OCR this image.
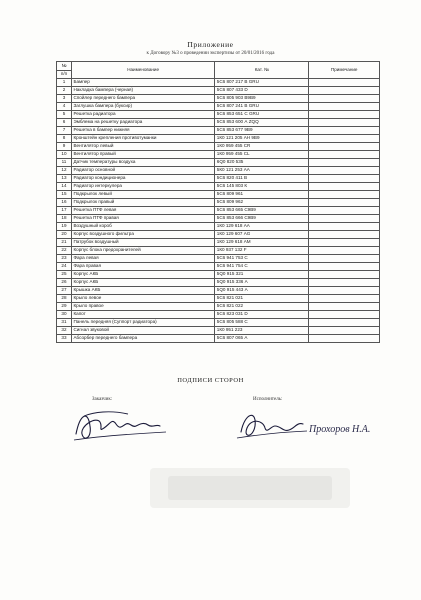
Приложение
к Договору №3 о проведении экспертизы от 20/01/2016 года
№	Наименование	Кат. №	Примечание
п/п			
1	Бампер	5С6 807 217 В GRU	
2	Накладка бампера (черная)	5С6 807 433 D	
3	Спойлер переднего бампера	5С6 805 903 В9В9	
4	Заглушка бампера (буксир)	5С6 807 241 В GRU	
5	Решетка радиатора	5С6 853 651 С GRU	
6	Эмблема на решетку радиатора	5С6 853 600 А ZQQ	
7	Решетка в бампер нижняя	5С6 853 677 9В9	
8	Кронштейн крепления противотуманки	1К0 121 205 АН 9В9	
9	Вентилятор левый	1К0 959 455 СR	
10	Вентилятор правый	1К0 959 455 CL	
11	Датчик температуры воздуха	6Q0 820 535	
12	Радиатор основной	5К0 121 253 АА	
13	Радиатор кондиционера	5С6 820 411 В	
14	Радиатор интеркулера	5С6 145 803 К	
15	Подкрылок левый	5С6 809 961	
16	Подкрылок правый	5С6 809 962	
17	Решетка ПТФ левая	5С6 853 665 С9В9	
18	Решетка ПТФ правая	5С6 853 666 С9В9	
19	Воздушный короб	1К0 129 618 АА	
20	Корпус воздушного фильтра	1К0 129 607 АG	
21	Патрубок воздушный	1К0 129 618 АМ	
22	Корпус блока предохранителей	1К0 937 132 F	
23	Фара левая	5С6 941 753 С	
24	Фара правая	5С6 941 754 С	
25	Корпус АКБ	5Q0 915 321	
26	Корпус АКБ	5Q0 915 336 А	
27	Крышка АКБ	5Q0 915 443 А	
28	Крыло левое	5С6 821 021	
29	Крыло правое	5С6 821 022	
30	Капот	5С6 823 031 D	
31	Панель передняя (Суппорт радиатора)	5С6 805 588 С	
32	Сигнал звуковой	1К0 951 223	
33	Абсорбер переднего бампера	5С6 807 065 А	
ПОДПИСИ СТОРОН
Заказчик:	Исполнитель:
Прохоров Н.А.
